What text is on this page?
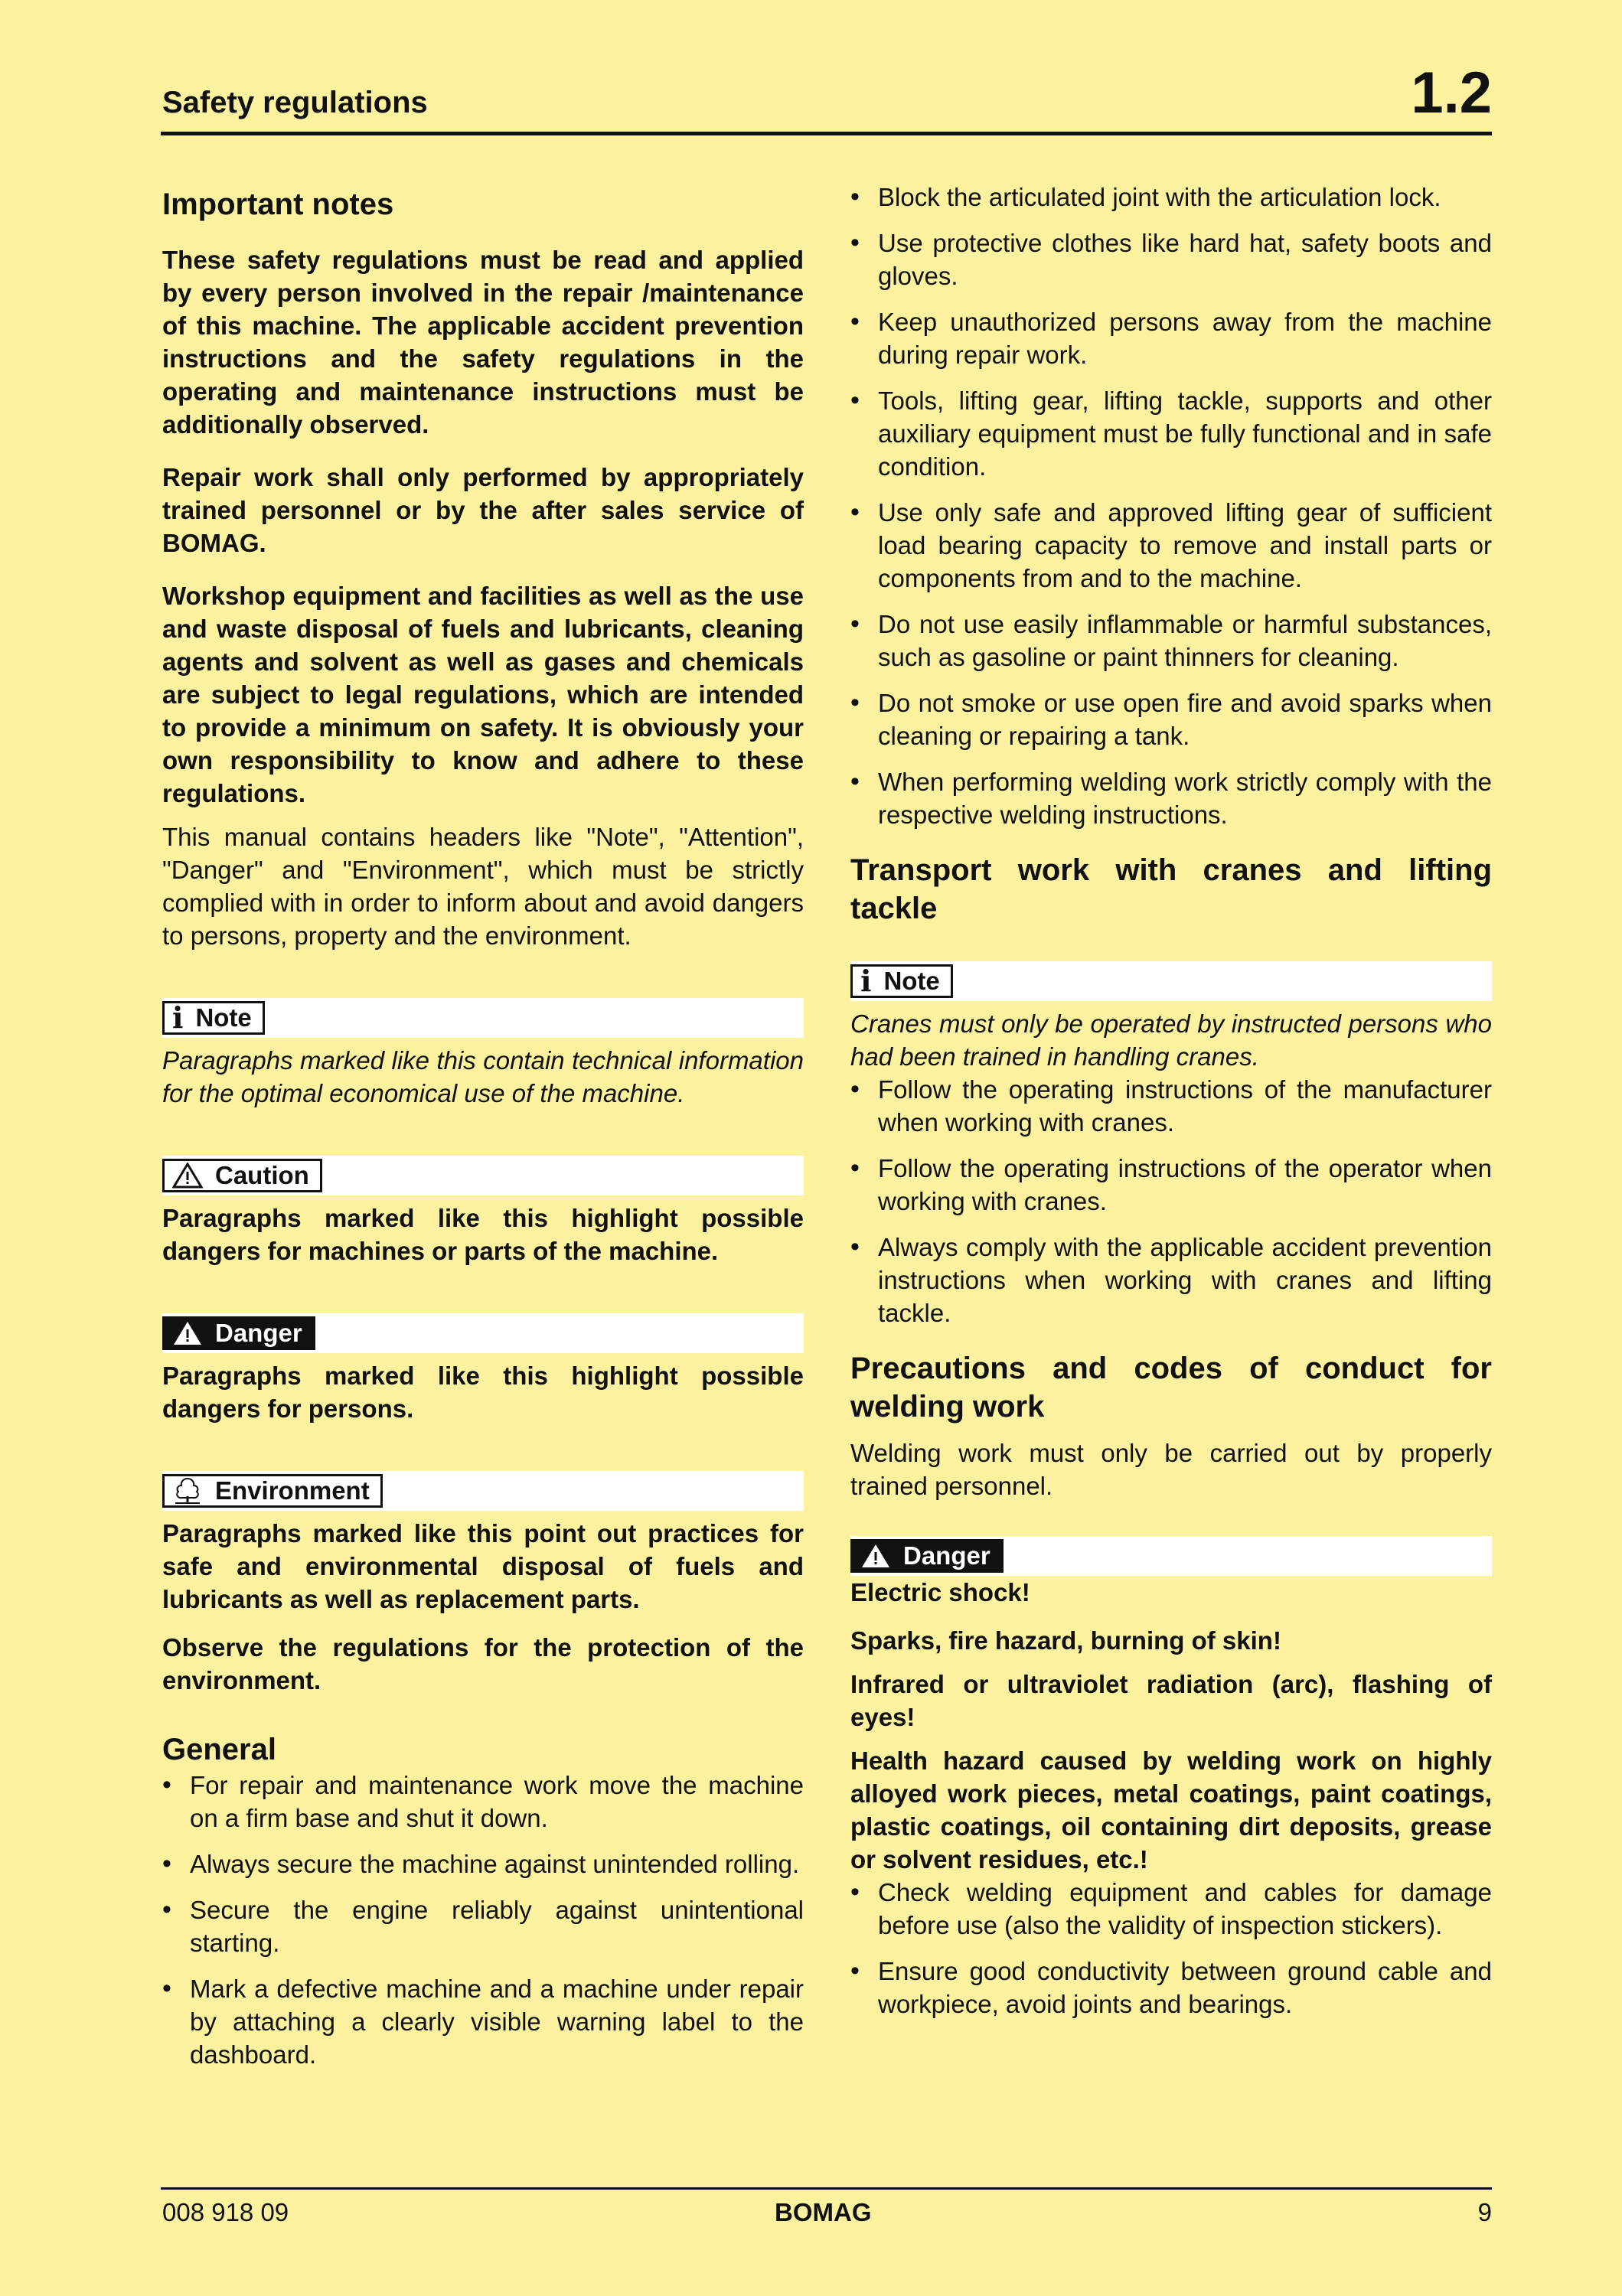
Safety regulations	1.2
Important notes

These safety regulations must be read and applied by every person involved in the repair /maintenance of this machine. The applicable accident prevention instructions and the safety regulations in the operating and maintenance instructions must be additionally observed.

Repair work shall only performed by appropriately trained personnel or by the after sales service of BOMAG.

Workshop equipment and facilities as well as the use and waste disposal of fuels and lubricants, cleaning agents and solvent as well as gases and chemicals are subject to legal regulations, which are intended to provide a minimum on safety. It is obviously your own responsibility to know and adhere to these regulations.

This manual contains headers like "Note", "Attention", "Danger" and "Environment", which must be strictly complied with in order to inform about and avoid dangers to persons, property and the environment.

i Note

Paragraphs marked like this contain technical information for the optimal economical use of the machine.

Caution

Paragraphs marked like this highlight possible dangers for machines or parts of the machine.

Danger

Paragraphs marked like this highlight possible dangers for persons.

Environment

Paragraphs marked like this point out practices for safe and environmental disposal of fuels and lubricants as well as replacement parts.

Observe the regulations for the protection of the environment.

General
• For repair and maintenance work move the machine on a firm base and shut it down.
• Always secure the machine against unintended rolling.
• Secure the engine reliably against unintentional starting.
• Mark a defective machine and a machine under repair by attaching a clearly visible warning label to the dashboard.
• Block the articulated joint with the articulation lock.
• Use protective clothes like hard hat, safety boots and gloves.
• Keep unauthorized persons away from the machine during repair work.
• Tools, lifting gear, lifting tackle, supports and other auxiliary equipment must be fully functional and in safe condition.
• Use only safe and approved lifting gear of sufficient load bearing capacity to remove and install parts or components from and to the machine.
• Do not use easily inflammable or harmful substances, such as gasoline or paint thinners for cleaning.
• Do not smoke or use open fire and avoid sparks when cleaning or repairing a tank.
• When performing welding work strictly comply with the respective welding instructions.
Transport work with cranes and lifting tackle
i Note

Cranes must only be operated by instructed persons who had been trained in handling cranes.

• Follow the operating instructions of the manufacturer when working with cranes.
• Follow the operating instructions of the operator when working with cranes.
• Always comply with the applicable accident prevention instructions when working with cranes and lifting tackle.
Precautions and codes of conduct for welding work

Welding work must only be carried out by properly trained personnel.

Danger

Electric shock!

Sparks, fire hazard, burning of skin!

Infrared or ultraviolet radiation (arc), flashing of eyes!

Health hazard caused by welding work on highly alloyed work pieces, metal coatings, paint coatings, plastic coatings, oil containing dirt deposits, grease or solvent residues, etc.!

• Check welding equipment and cables for damage before use (also the validity of inspection stickers).
• Ensure good conductivity between ground cable and workpiece, avoid joints and bearings.
008 918 09	BOMAG	9
